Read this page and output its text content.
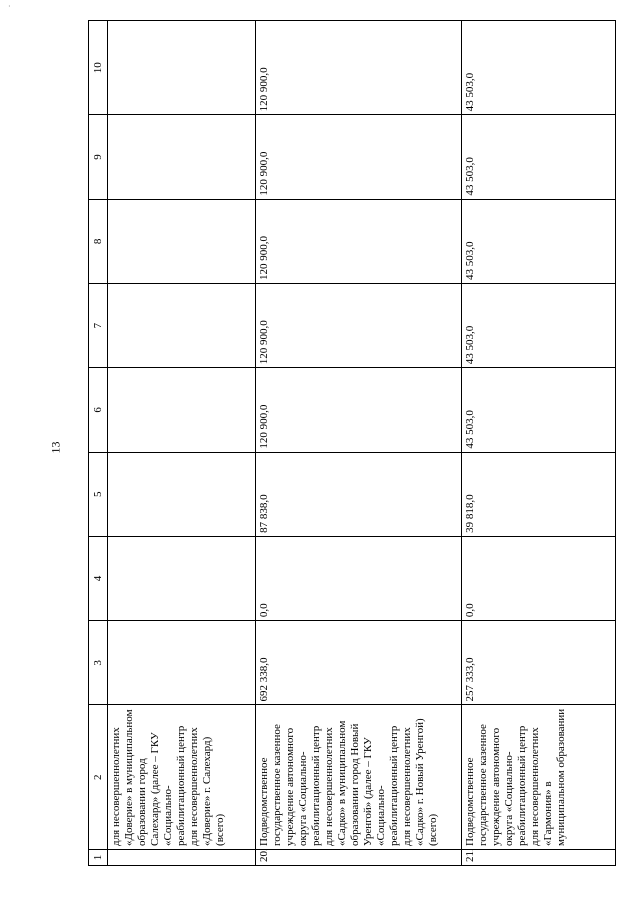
·
13
1	2	3	4	5	6	7	8	9	10
	для несовершеннолетних «Доверие» в муниципальном образовании город Салехард» (далее – ГКУ «Социально-реабилитационный центр для несовершеннолетних «Доверие» г. Салехард) (всего)								
20.	Подведомственное государственное казенное учреждение автономного округа «Социально-реабилитационный центр для несовершеннолетних «Садко» в муниципальном образовании город Новый Уренгой» (далее – ГКУ «Социально-реабилитационный центр для несовершеннолетних «Садко» г. Новый Уренгой) (всего)	692 338,0	0,0	87 838,0	120 900,0	120 900,0	120 900,0	120 900,0	120 900,0
21.	Подведомственное государственное казенное учреждение автономного округа «Социально-реабилитационный центр для несовершеннолетних «Гармония» в муниципальном образовании	257 333,0	0,0	39 818,0	43 503,0	43 503,0	43 503,0	43 503,0	43 503,0
